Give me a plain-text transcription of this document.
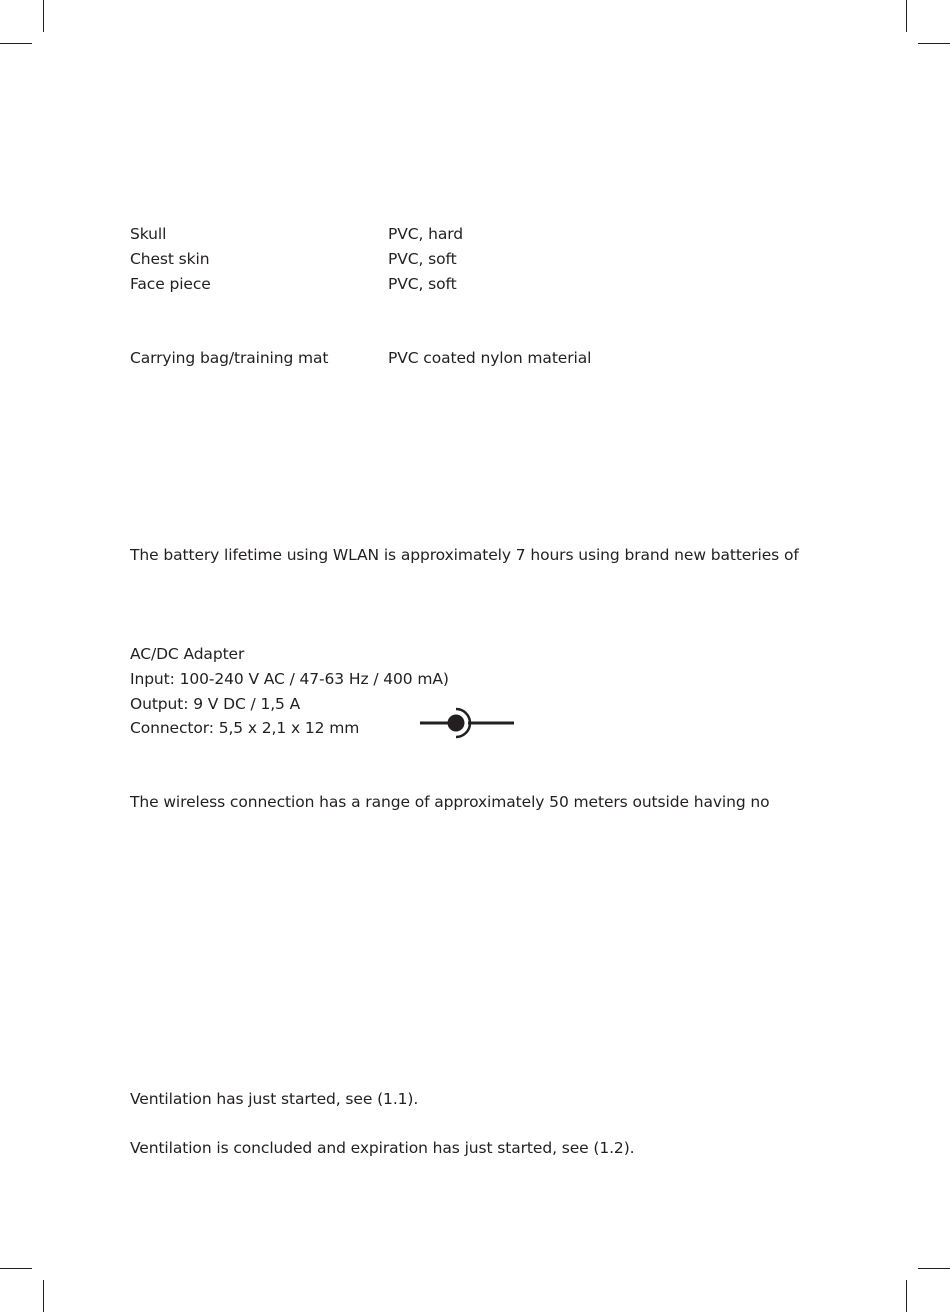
Skull	PVC, hard
Chest skin	PVC, soft
Face piece	PVC, soft
Carrying bag/training mat	PVC coated nylon material
The battery lifetime using WLAN is approximately 7 hours using brand new batteries of
AC/DC Adapter
Input: 100-240 V AC / 47-63 Hz / 400 mA)
Output: 9 V DC / 1,5 A
Connector: 5,5 x 2,1 x 12 mm
The wireless connection has a range of approximately 50 meters outside having no
Ventilation has just started, see (1.1).
Ventilation is concluded and expiration has just started, see (1.2).
